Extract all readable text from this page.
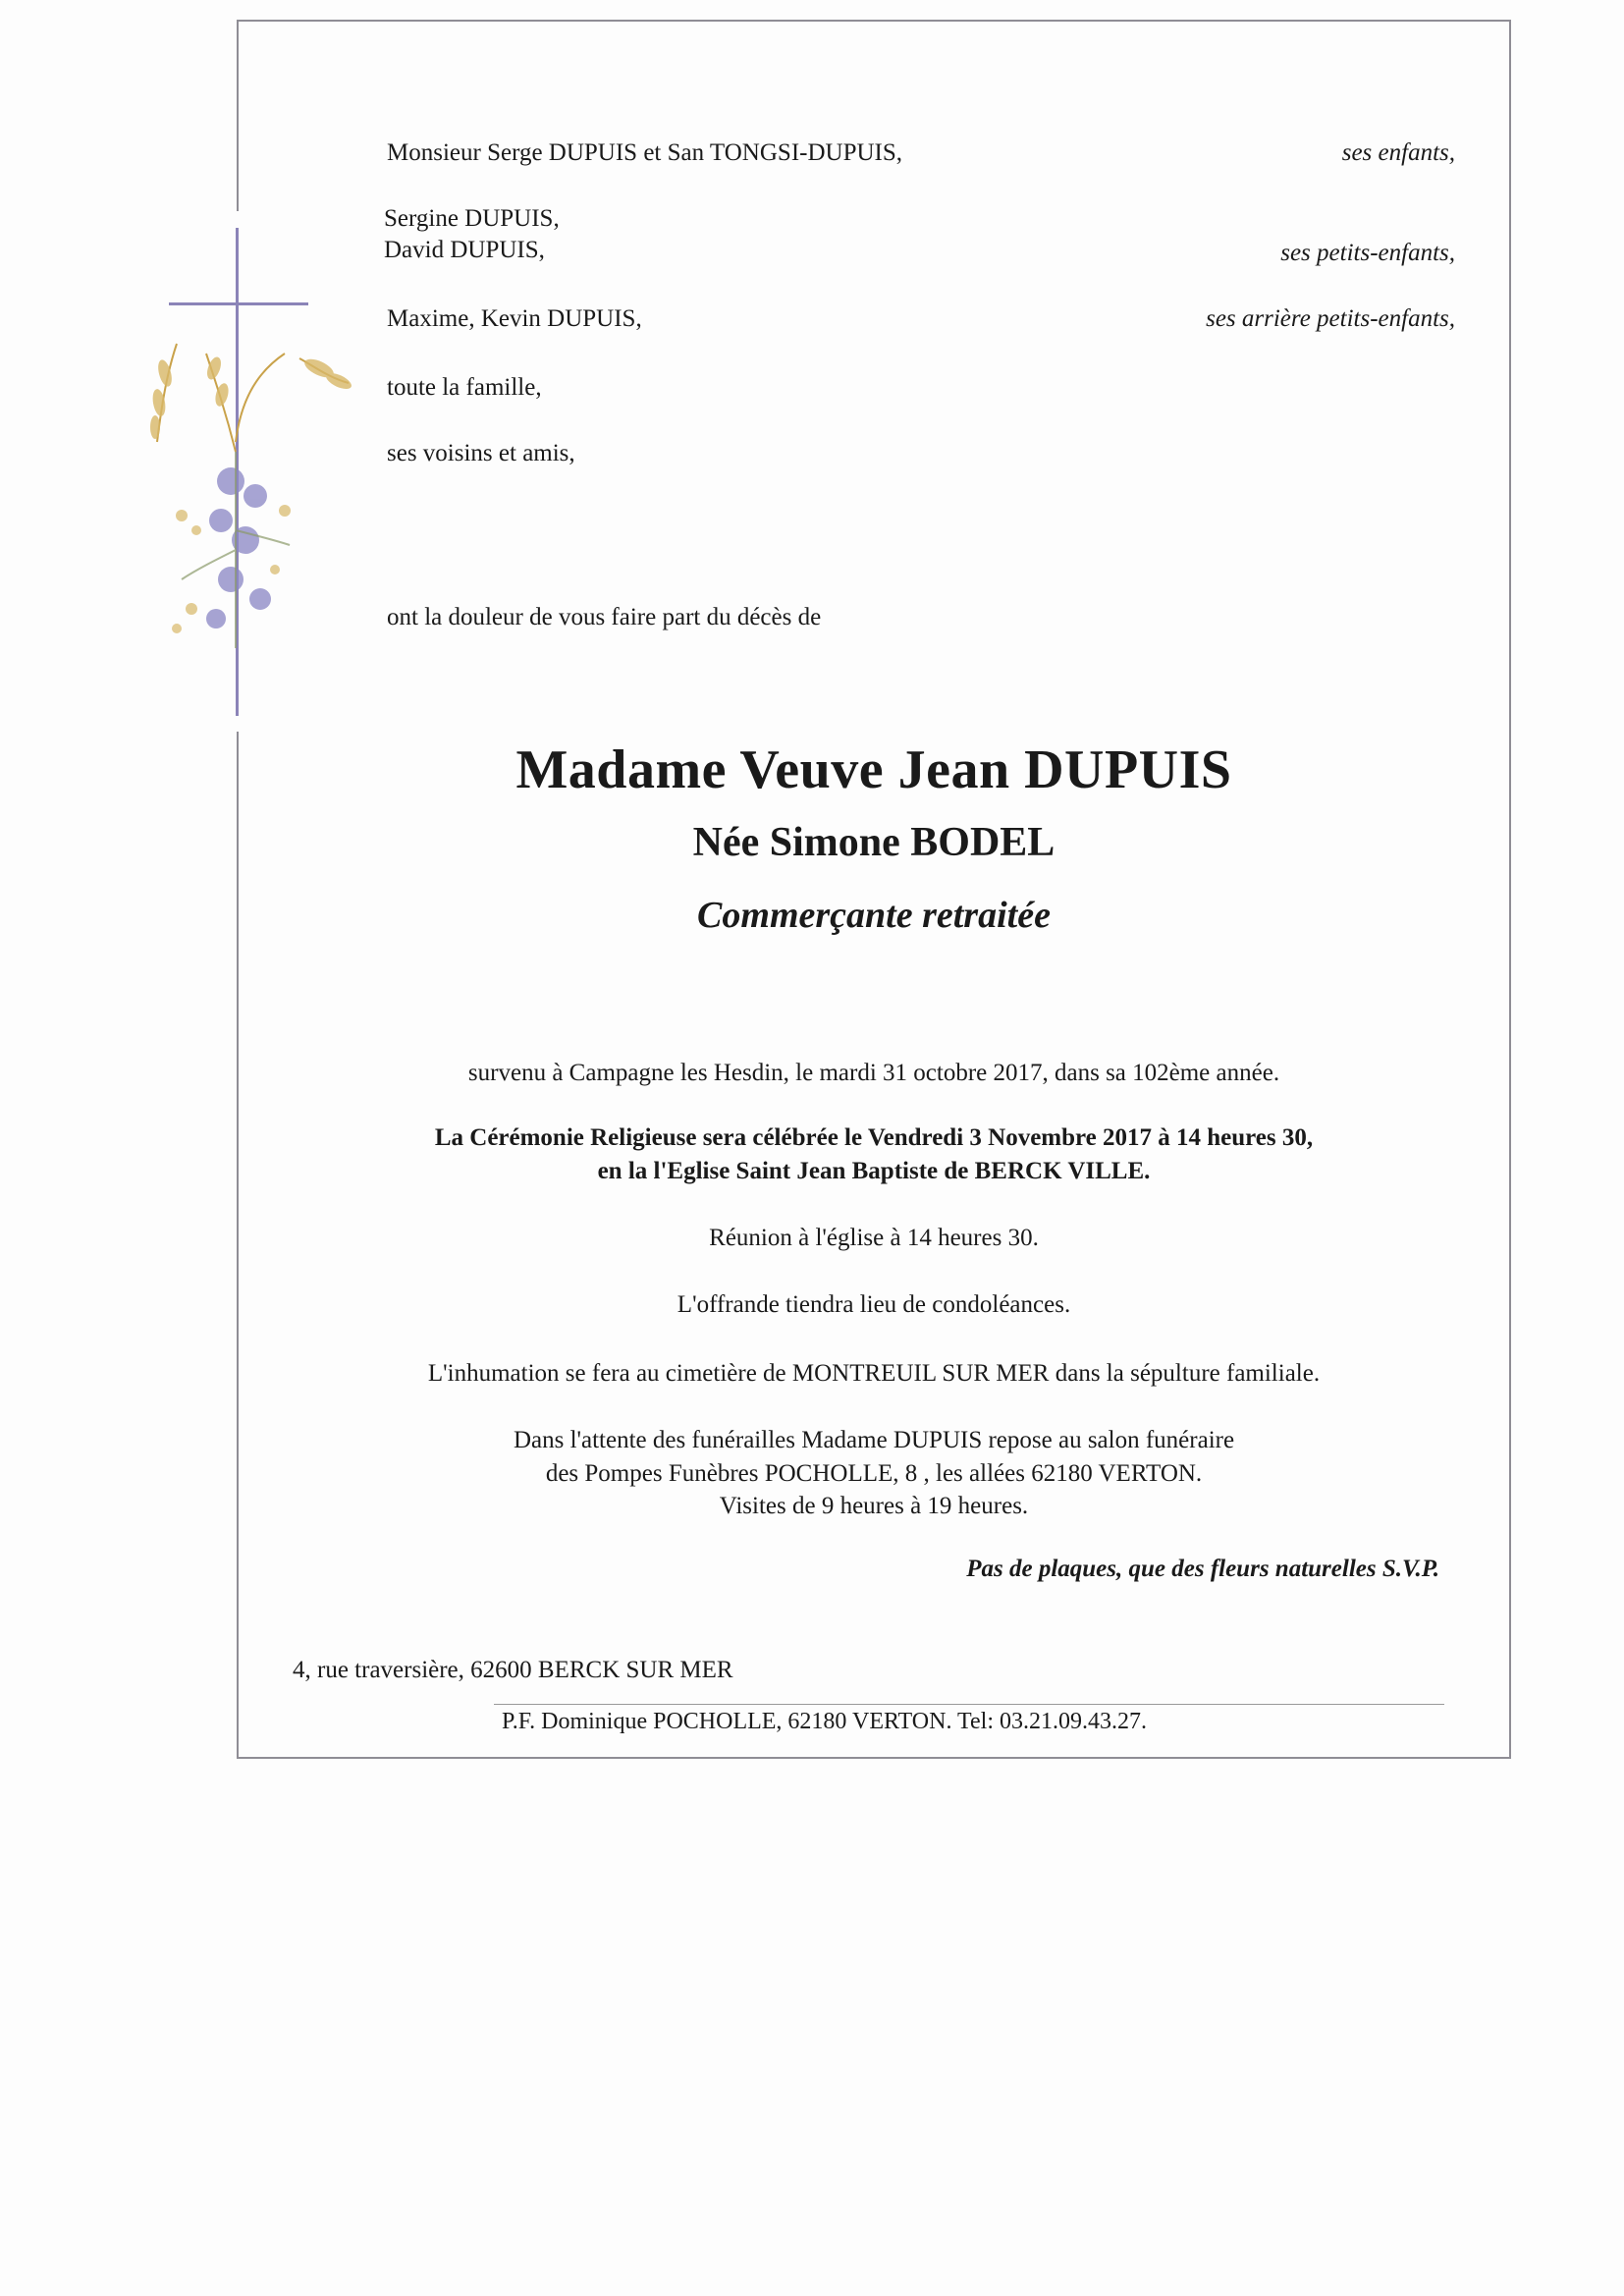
Monsieur Serge DUPUIS et San TONGSI-DUPUIS,	ses enfants,
Sergine DUPUIS,
David DUPUIS,	ses petits-enfants,
Maxime, Kevin DUPUIS,	ses arrière petits-enfants,
toute la famille,
ses voisins et amis,
ont la douleur de vous faire part du décès de
Madame Veuve Jean DUPUIS
Née Simone BODEL
Commerçante retraitée
survenu à Campagne les Hesdin, le mardi 31 octobre 2017, dans sa 102ème année.
La Cérémonie Religieuse sera célébrée le Vendredi 3 Novembre 2017 à 14 heures 30,
en la l'Eglise Saint Jean Baptiste de BERCK VILLE.
Réunion à l'église à 14 heures 30.
L'offrande tiendra lieu de condoléances.
L'inhumation se fera au cimetière de MONTREUIL SUR MER dans la sépulture familiale.
Dans l'attente des funérailles Madame DUPUIS repose au salon funéraire
des Pompes Funèbres POCHOLLE, 8 , les allées 62180 VERTON.
Visites de 9 heures à 19 heures.
Pas de plaques, que des fleurs naturelles S.V.P.
4, rue traversière, 62600 BERCK SUR MER
P.F. Dominique POCHOLLE, 62180 VERTON. Tel: 03.21.09.43.27.
